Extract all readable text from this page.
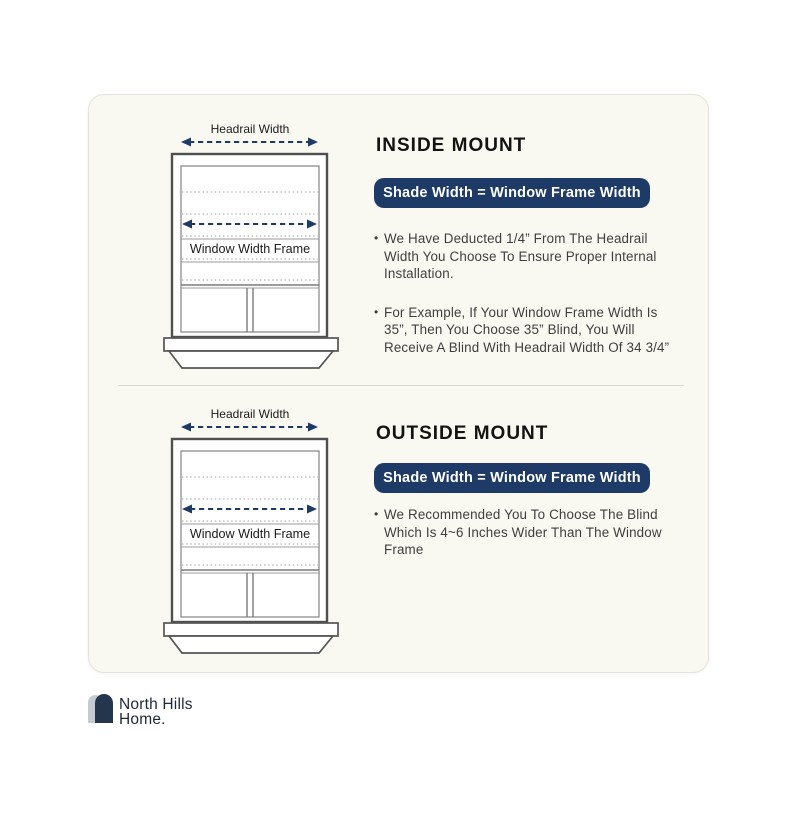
Headrail Width
Window Width Frame
INSIDE MOUNT
Shade Width = Window Frame Width
• We Have Deducted 1/4” From The Headrail
Width You Choose To Ensure Proper Internal
Installation.
• For Example, If Your Window Frame Width Is
35”, Then You Choose 35” Blind, You Will
Receive A Blind With Headrail Width Of 34 3/4”
Headrail Width
Window Width Frame
OUTSIDE MOUNT
Shade Width = Window Frame Width
• We Recommended You To Choose The Blind
Which Is 4~6 Inches Wider Than The Window
Frame
North Hills
Home.
